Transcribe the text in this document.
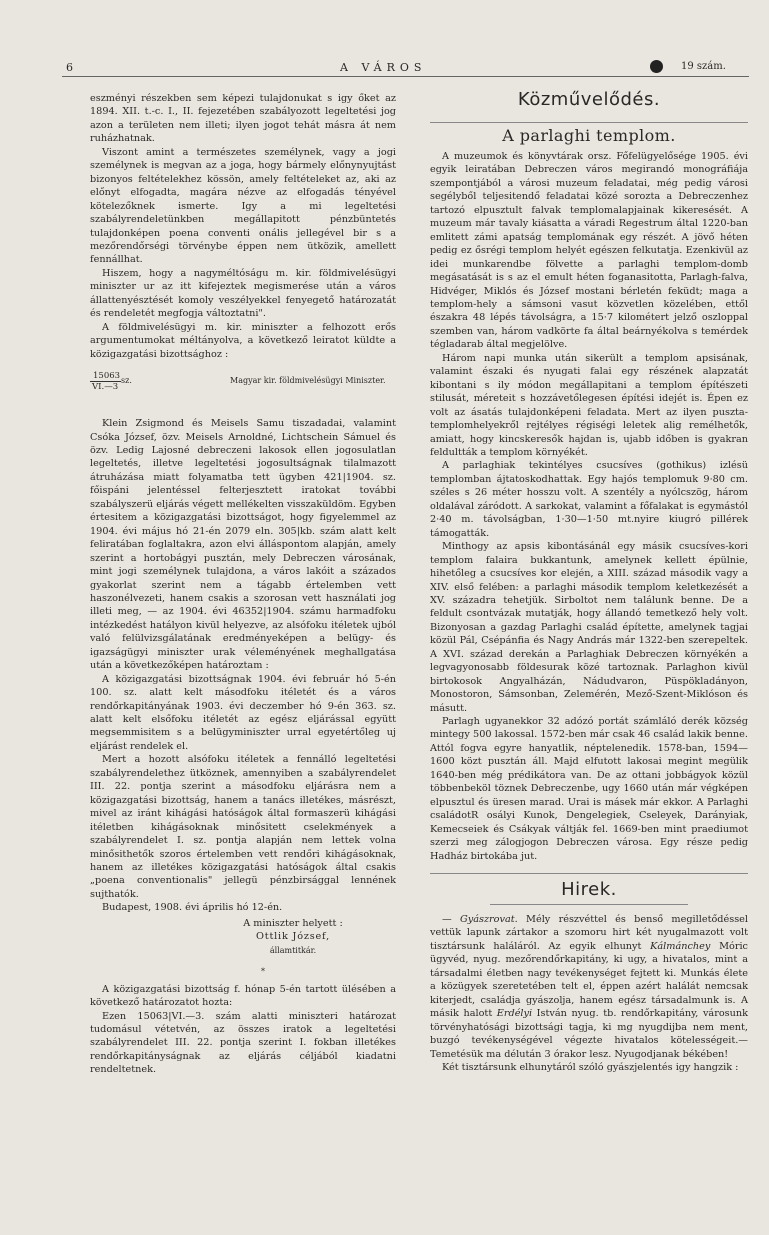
6	A VÁROS	19 szám.

eszményi részekben sem képezi tulajdonukat s igy őket az 1894. XII. t.-c. I., II. fejezetében szabályozott legeltetési jog azon a területen nem illeti; ilyen jogot tehát másra át nem ruházhatnak.

Viszont amint a természetes személynek, vagy a jogi személynek is megvan az a joga, hogy bármely előnynyujtást bizonyos feltételekhez kössön, amely feltételeket az, aki az előnyt elfogadta, magára nézve az elfogadás tényével kötelezőknek ismerte. Igy a mi legeltetési szabályrendeletünkben megállapitott pénzbüntetés tulajdonképen poena conventi onális jellegével bir s a mezőrendőrségi törvénybe éppen nem ütközik, amellett fennállhat.

Hiszem, hogy a nagyméltóságu m. kir. földmivelésügyi miniszter ur az itt kifejeztek megismerése után a város állattenyésztését komoly veszélyekkel fenyegető határozatát és rendeletét megfogja változtatni".

A földmivelésügyi m. kir. miniszter a felhozott erős argumentumokat méltányolva, a következő leiratot küldte a közigazgatási bizottsághoz :

15063
VI.—3
sz.	Magyar kir. földmivelésügyi Miniszter.

Klein Zsigmond és Meisels Samu tiszadadai, valamint Csóka József, özv. Meisels Arnoldné, Lichtschein Sámuel és özv. Ledig Lajosné debreczeni lakosok ellen jogosulatlan legeltetés, illetve legeltetési jogosultságnak tilalmazott átruházása miatt folyamatba tett ügyben 421|1904. sz. főispáni jelentéssel felterjesztett iratokat további szabályszerü eljárás végett mellékelten visszaküldöm. Egyben értesitem a közigazgatási bizottságot, hogy figyelemmel az 1904. évi május hó 21-én 2079 eln. 305|kb. szám alatt kelt feliratában foglaltakra, azon elvi álláspontom alapján, amely szerint a hortobágyi pusztán, mely Debreczen városának, mint jogi személynek tulajdona, a város lakóit a százados gyakorlat szerint nem a tágabb értelemben vett haszonélvezeti, hanem csakis a szorosan vett használati jog illeti meg, — az 1904. évi 46352|1904. számu harmadfoku intézkedést hatályon kivül helyezve, az alsófoku itéletek ujból való felülvizsgálatának eredményeképen a belügy- és igazságügyi miniszter urak véleményének meghallgatása után a következőképen határoztam :

A közigazgatási bizottságnak 1904. évi február hó 5-én 100. sz. alatt kelt másodfoku itéletét és a város rendőrkapitányának 1903. évi deczember hó 9-én 363. sz. alatt kelt elsőfoku itéletét az egész eljárással együtt megsemmisitem s a belügyminiszter urral egyetértőleg uj eljárást rendelek el.

Mert a hozott alsófoku itéletek a fennálló legeltetési szabályrendelethez ütköznek, amennyiben a szabályrendelet III. 22. pontja szerint a másodfoku eljárásra nem a közigazgatási bizottság, hanem a tanács illetékes, másrészt, mivel az iránt kihágási hatóságok által formaszerü kihágási itéletben kihágásoknak minősitett cselekmények a szabályrendelet I. sz. pontja alapján nem lettek volna minősithetők szoros értelemben vett rendőri kihágásoknak, hanem az illetékes közigazgatási hatóságok által csakis „poena conventionalis" jellegü pénzbirsággal lennének sujthatók.

Budapest, 1908. évi április hó 12-én.

A miniszter helyett :
Ottlik József,
államtitkár.
*

A közigazgatási bizottság f. hónap 5-én tartott ülésében a következő határozatot hozta:

Ezen 15063|VI.—3. szám alatti miniszteri határozat tudomásul vétetvén, az összes iratok a legeltetési szabályrendelet III. 22. pontja szerint I. fokban illetékes rendőrkapitányságnak az eljárás céljából kiadatni rendeltetnek.

Közművelődés.
A parlaghi templom.

A muzeumok és könyvtárak orsz. Főfelügyelősége 1905. évi egyik leiratában Debreczen város megirandó monográfiája szempontjából a városi muzeum feladatai, még pedig városi segélyből teljesitendő feladatai közé sorozta a Debreczenhez tartozó elpusztult falvak templomalapjainak kikeresését. A muzeum már tavaly kiásatta a váradi Regestrum által 1220-ban emlitett zámi apatság templomának egy részét. A jövő héten pedig ez ősrégi templom helyét egészen felkutatja. Ezenkivül az idei munkarendbe fölvette a parlaghi templom-domb megásatását is s az el emult héten foganasitotta, Parlagh-falva, Hidvéger, Miklós és József mostani bérletén feküdt; maga a templom-hely a sámsoni vasut közvetlen közelében, ettől északra 48 lépés távolságra, a 15·7 kilométert jelző oszloppal szemben van, három vadkörte fa által beárnyékolva s temérdek tégladarab által megjelölve.

Három napi munka után sikerült a templom apsisának, valamint északi és nyugati falai egy részének alapzatát kibontani s ily módon megállapitani a templom építészeti stilusát, méreteit s hozzávetőlegesen építési idejét is. Épen ez volt az ásatás tulajdonképeni feladata. Mert az ilyen puszta-templomhelyekről rejtélyes régiségi leletek alig remélhetők, amiatt, hogy kincskeresők hajdan is, ujabb időben is gyakran feldultták a templom környékét.

A parlaghiak tekintélyes csucsíves (gothikus) izlésü templomban ájtatoskodhattak. Egy hajós templomuk 9·80 cm. széles s 26 méter hosszu volt. A szentély a nyólcszög, három oldalával záródott. A sarkokat, valamint a főfalakat is egymástól 2·40 m. távolságban, 1·30—1·50 mt.nyire kiugró pillérek támogatták.

Minthogy az apsis kibontásánál egy másik csucsíves-kori templom falaira bukkantunk, amelynek kellett épülnie, hihetőleg a csucsíves kor elején, a XIII. század második vagy a XIV. első felében: a parlaghi második templom keletkezését a XV. századra tehetjük. Sirboltot nem találunk benne. De a feldult csontvázak mutatják, hogy állandó temetkező hely volt. Bizonyosan a gazdag Parlaghi család építette, amelynek tagjai közül Pál, Csépánfia és Nagy András már 1322-ben szerepeltek. A XVI. század derekán a Parlaghiak Debreczen környékén a legvagyonosabb földesurak közé tartoznak. Parlaghon kivül birtokosok Angyalházán, Nádudvaron, Püspökladányon, Monostoron, Sámsonban, Zelemérén, Mező-Szent-Miklóson és másutt.

Parlagh ugyanekkor 32 adózó portát számláló derék község mintegy 500 lakossal. 1572-ben már csak 46 család lakik benne. Attól fogva egyre hanyatlik, néptelenedik. 1578-ban, 1594—1600 közt pusztán áll. Majd elfutott lakosai megint megülik 1640-ben még prédikátora van. De az ottani jobbágyok közül többenbeköl töznek Debreczenbe, ugy 1660 után már végképen elpusztul és üresen marad. Urai is másek már ekkor. A Parlaghi családotR osályi Kunok, Dengelegiek, Cseleyek, Darányiak, Kemecseiek és Csákyak váltják fel. 1669-ben mint praediumot szerzi meg zálogjogon Debreczen városa. Egy része pedig Hadház birtokába jut.

Hirek.

— Gyászrovat. Mély részvéttel és benső megilletődéssel vettük lapunk zártakor a szomoru hirt két nyugalmazott volt tisztársunk haláláról. Az egyik elhunyt Kálmánchey Móric ügyvéd, nyug. mezőrendőrkapitány, ki ugy, a hivatalos, mint a társadalmi életben nagy tevékenységet fejtett ki. Munkás élete a közügyek szeretetében telt el, éppen azért halálát nemcsak kiterjedt, családja gyászolja, hanem egész társadalmunk is. A másik halott Erdélyi István nyug. tb. rendőrkapitány, városunk törvényhatósági bizottsági tagja, ki mg nyugdijba nem ment, buzgó tevékenységével végezte hivatalos kötelességeit.— Temetésük ma délután 3 órakor lesz. Nyugodjanak békében!

Két tisztársunk elhunytáról szóló gyászjelentés igy hangzik :
